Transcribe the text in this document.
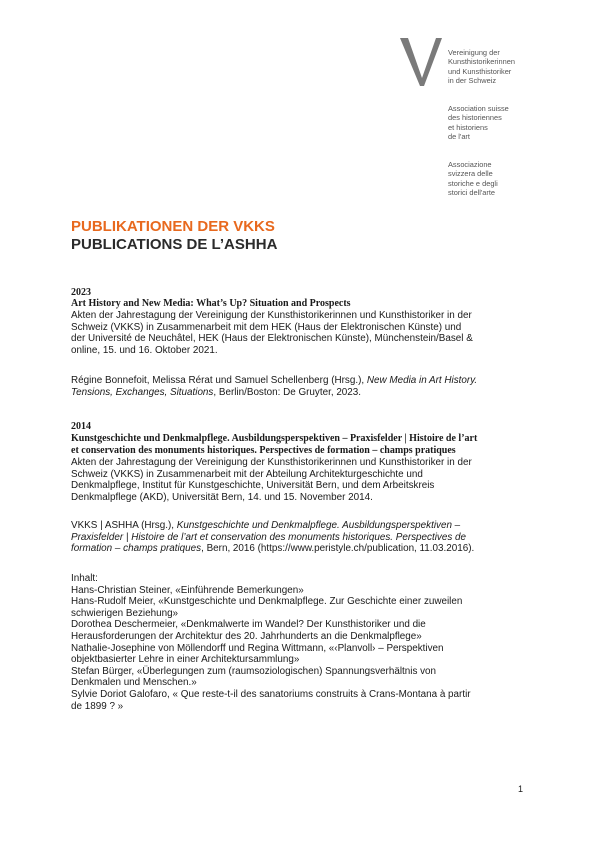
Vereinigung der
Kunsthistorikerinnen
und Kunsthistoriker
in der Schweiz
Association suisse
des historiennes
et historiens
de l'art
Associazione
svizzera delle
storiche e degli
storici dell'arte
PUBLIKATIONEN DER VKKS
PUBLICATIONS DE L’ASHHA
2023
Art History and New Media: What’s Up? Situation and Prospects
Akten der Jahrestagung der Vereinigung der Kunsthistorikerinnen und Kunsthistoriker in der
Schweiz (VKKS) in Zusammenarbeit mit dem HEK (Haus der Elektronischen Künste) und
der Université de Neuchâtel, HEK (Haus der Elektronischen Künste), Münchenstein/Basel &
online, 15. und 16. Oktober 2021.
Régine Bonnefoit, Melissa Rérat und Samuel Schellenberg (Hrsg.), New Media in Art History.
Tensions, Exchanges, Situations, Berlin/Boston: De Gruyter, 2023.
2014
Kunstgeschichte und Denkmalpflege. Ausbildungsperspektiven – Praxisfelder | Histoire de l’art
et conservation des monuments historiques. Perspectives de formation – champs pratiques
Akten der Jahrestagung der Vereinigung der Kunsthistorikerinnen und Kunsthistoriker in der
Schweiz (VKKS) in Zusammenarbeit mit der Abteilung Architekturgeschichte und
Denkmalpflege, Institut für Kunstgeschichte, Universität Bern, und dem Arbeitskreis
Denkmalpflege (AKD), Universität Bern, 14. und 15. November 2014.
VKKS | ASHHA (Hrsg.), Kunstgeschichte und Denkmalpflege. Ausbildungsperspektiven –
Praxisfelder | Histoire de l’art et conservation des monuments historiques. Perspectives de
formation – champs pratiques, Bern, 2016 (https://www.peristyle.ch/publication, 11.03.2016).
Inhalt:
Hans-Christian Steiner, «Einführende Bemerkungen»
Hans-Rudolf Meier, «Kunstgeschichte und Denkmalpflege. Zur Geschichte einer zuweilen
schwierigen Beziehung»
Dorothea Deschermeier, «Denkmalwerte im Wandel? Der Kunsthistoriker und die
Herausforderungen der Architektur des 20. Jahrhunderts an die Denkmalpflege»
Nathalie-Josephine von Möllendorff und Regina Wittmann, «‹Planvoll› – Perspektiven
objektbasierter Lehre in einer Architektursammlung»
Stefan Bürger, «Überlegungen zum (raumsoziologischen) Spannungsverhältnis von
Denkmalen und Menschen.»
Sylvie Doriot Galofaro, « Que reste-t-il des sanatoriums construits à Crans-Montana à partir
de 1899 ? »
1
